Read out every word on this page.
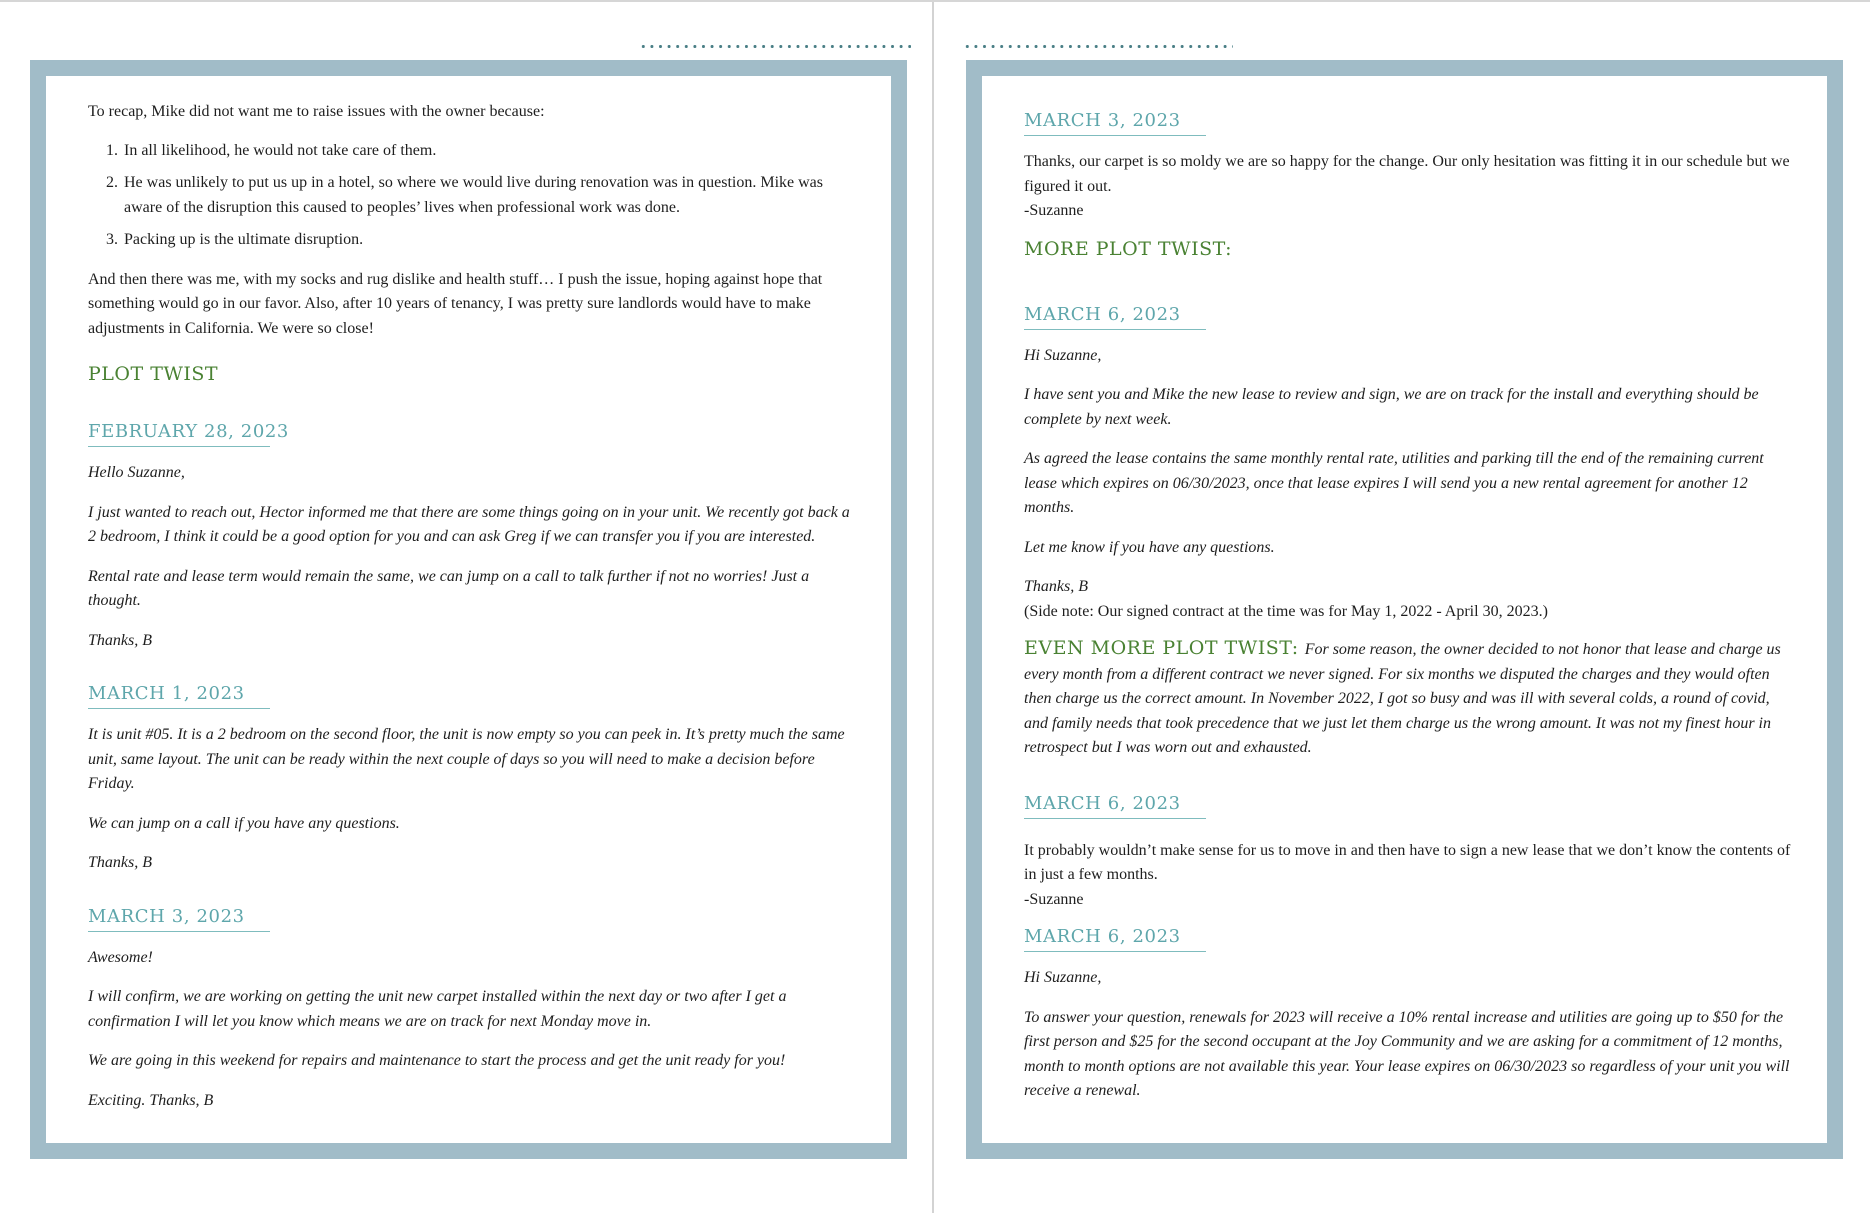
To recap, Mike did not want me to raise issues with the owner because:

1. In all likelihood, he would not take care of them.
2. He was unlikely to put us up in a hotel, so where we would live during renovation was in question. Mike was aware of the disruption this caused to peoples’ lives when professional work was done.
3. Packing up is the ultimate disruption.

And then there was me, with my socks and rug dislike and health stuff… I push the issue, hoping against hope that something would go in our favor. Also, after 10 years of tenancy, I was pretty sure landlords would have to make adjustments in California. We were so close!

PLOT TWIST
FEBRUARY 28, 2023

Hello Suzanne,

I just wanted to reach out, Hector informed me that there are some things going on in your unit. We recently got back a 2 bedroom, I think it could be a good option for you and can ask Greg if we can transfer you if you are interested.

Rental rate and lease term would remain the same, we can jump on a call to talk further if not no worries! Just a thought.

Thanks, B

MARCH 1, 2023

It is unit #05. It is a 2 bedroom on the second floor, the unit is now empty so you can peek in. It’s pretty much the same unit, same layout. The unit can be ready within the next couple of days so you will need to make a decision before Friday.

We can jump on a call if you have any questions.

Thanks, B

MARCH 3, 2023

Awesome!

I will confirm, we are working on getting the unit new carpet installed within the next day or two after I get a confirmation I will let you know which means we are on track for next Monday move in.

We are going in this weekend for repairs and maintenance to start the process and get the unit ready for you!

Exciting. Thanks, B

MARCH 3, 2023

Thanks, our carpet is so moldy we are so happy for the change. Our only hesitation was fitting it in our schedule but we figured it out.

-Suzanne

MORE PLOT TWIST:
MARCH 6, 2023

Hi Suzanne,

I have sent you and Mike the new lease to review and sign, we are on track for the install and everything should be complete by next week.

As agreed the lease contains the same monthly rental rate, utilities and parking till the end of the remaining current lease which expires on 06/30/2023, once that lease expires I will send you a new rental agreement for another 12 months.

Let me know if you have any questions.

Thanks, B

(Side note: Our signed contract at the time was for May 1, 2022 - April 30, 2023.)

EVEN MORE PLOT TWIST: For some reason, the owner decided to not honor that lease and charge us every month from a different contract we never signed. For six months we disputed the charges and they would often then charge us the correct amount. In November 2022, I got so busy and was ill with several colds, a round of covid, and family needs that took precedence that we just let them charge us the wrong amount. It was not my finest hour in retrospect but I was worn out and exhausted.

MARCH 6, 2023

It probably wouldn’t make sense for us to move in and then have to sign a new lease that we don’t know the contents of in just a few months.

-Suzanne

MARCH 6, 2023

Hi Suzanne,

To answer your question, renewals for 2023 will receive a 10% rental increase and utilities are going up to $50 for the first person and $25 for the second occupant at the Joy Community and we are asking for a commitment of 12 months, month to month options are not available this year. Your lease expires on 06/30/2023 so regardless of your unit you will receive a renewal.
